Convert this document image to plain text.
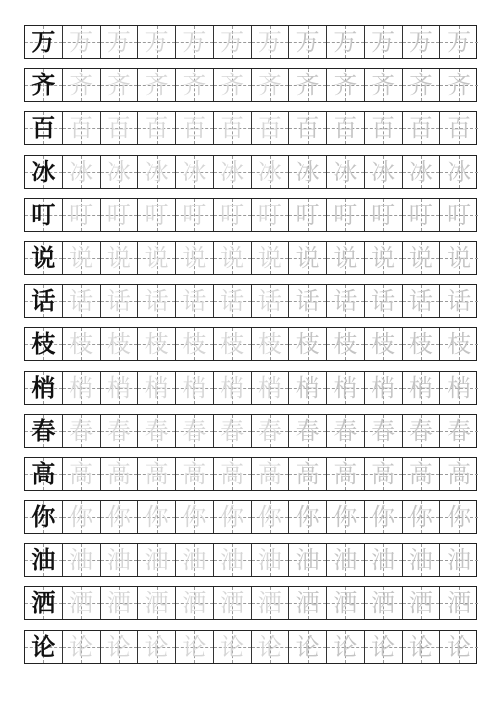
万 万 万 万 万 万 万 万 万 万 万 万
齐 齐 齐 齐 齐 齐 齐 齐 齐 齐 齐 齐
百 百 百 百 百 百 百 百 百 百 百 百
冰 冰 冰 冰 冰 冰 冰 冰 冰 冰 冰 冰
叮 叮 叮 叮 叮 叮 叮 叮 叮 叮 叮 叮
说 说 说 说 说 说 说 说 说 说 说 说
话 话 话 话 话 话 话 话 话 话 话 话
枝 枝 枝 枝 枝 枝 枝 枝 枝 枝 枝 枝
梢 梢 梢 梢 梢 梢 梢 梢 梢 梢 梢 梢
春 春 春 春 春 春 春 春 春 春 春 春
高 高 高 高 高 高 高 高 高 高 高 高
你 你 你 你 你 你 你 你 你 你 你 你
油 油 油 油 油 油 油 油 油 油 油 油
洒 洒 洒 洒 洒 洒 洒 洒 洒 洒 洒 洒
论 论 论 论 论 论 论 论 论 论 论 论
